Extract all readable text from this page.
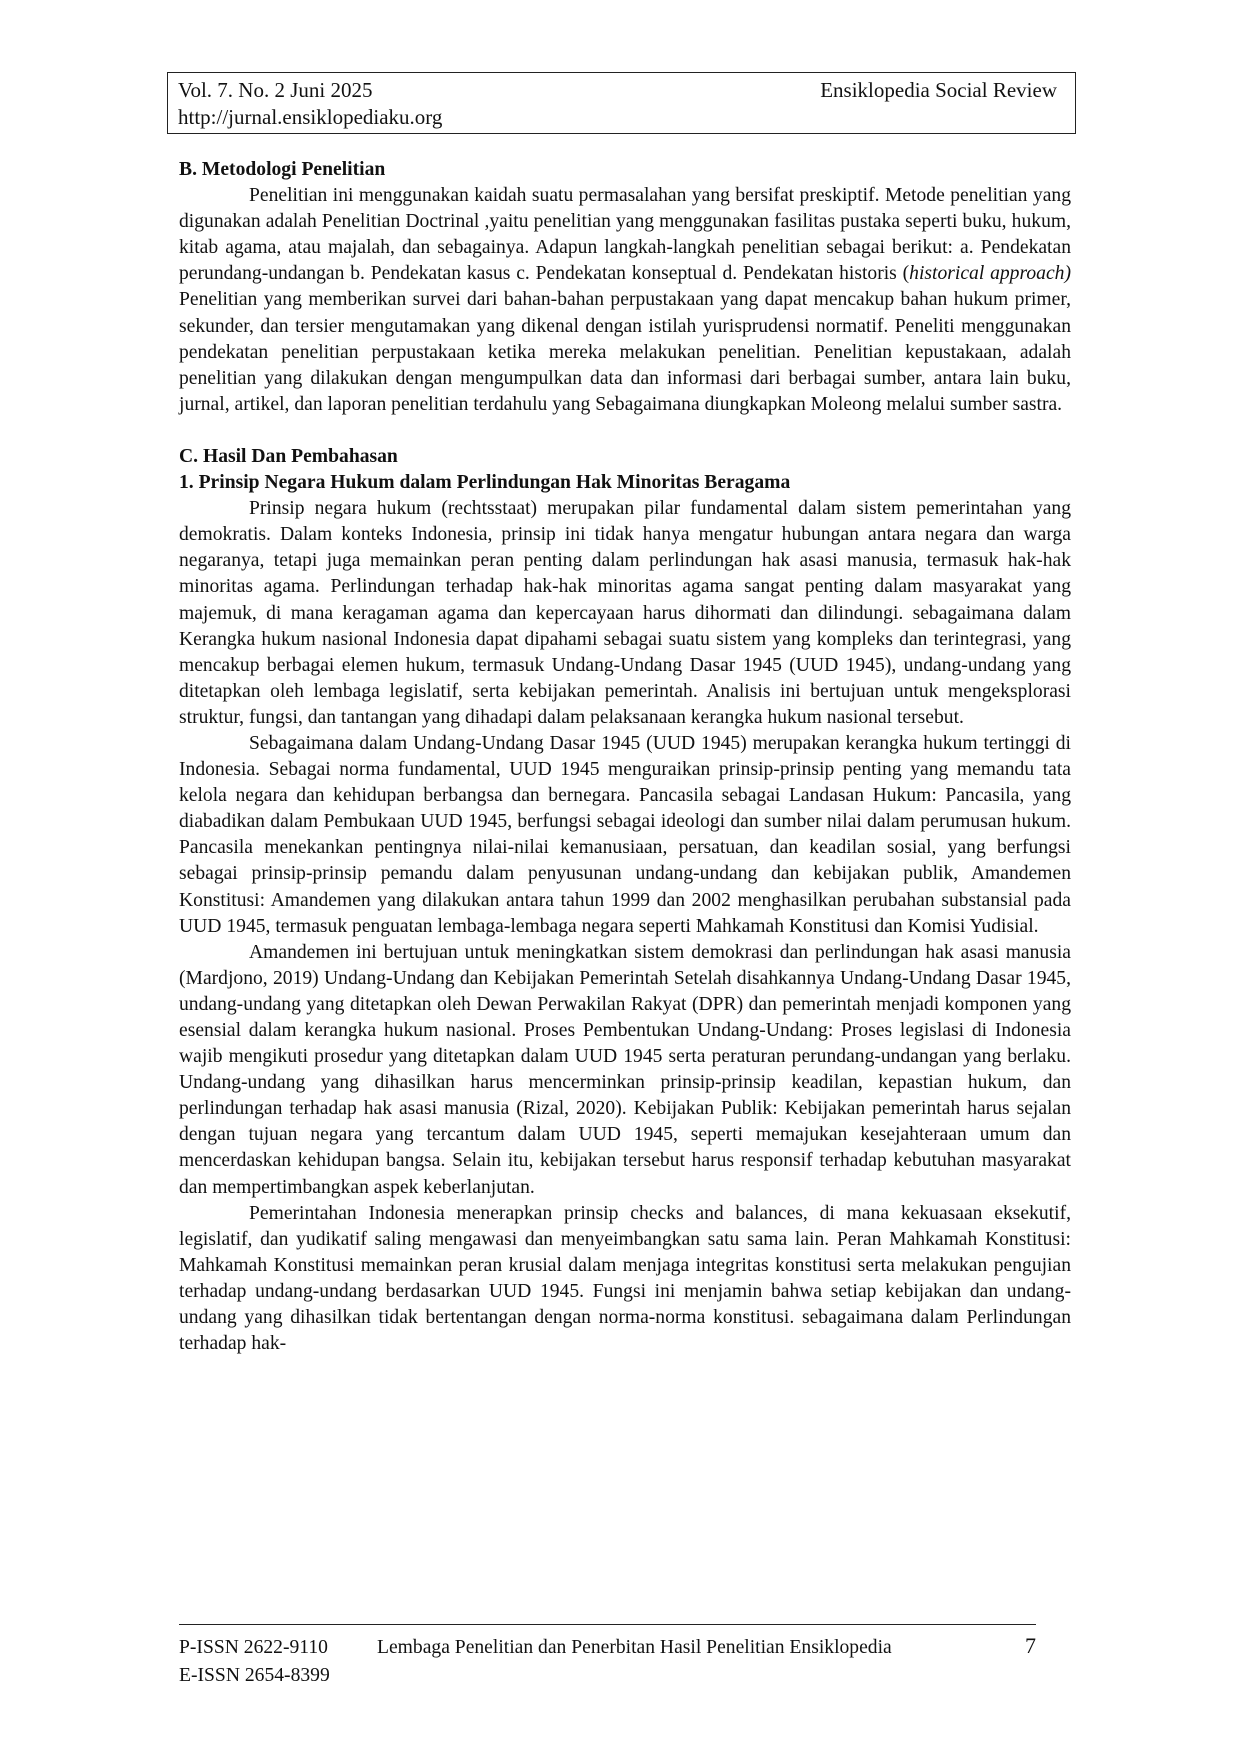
Vol. 7. No. 2 Juni 2025	Ensiklopedia Social Review
http://jurnal.ensiklopediaku.org
B. Metodologi Penelitian

Penelitian ini menggunakan kaidah suatu permasalahan yang bersifat preskiptif. Metode penelitian yang digunakan adalah Penelitian Doctrinal ,yaitu penelitian yang menggunakan fasilitas pustaka seperti buku, hukum, kitab agama, atau majalah, dan sebagainya. Adapun langkah-langkah penelitian sebagai berikut: a. Pendekatan perundang-undangan b. Pendekatan kasus c. Pendekatan konseptual d. Pendekatan historis (historical approach) Penelitian yang memberikan survei dari bahan-bahan perpustakaan yang dapat mencakup bahan hukum primer, sekunder, dan tersier mengutamakan yang dikenal dengan istilah yurisprudensi normatif. Peneliti menggunakan pendekatan penelitian perpustakaan ketika mereka melakukan penelitian. Penelitian kepustakaan, adalah penelitian yang dilakukan dengan mengumpulkan data dan informasi dari berbagai sumber, antara lain buku, jurnal, artikel, dan laporan penelitian terdahulu yang Sebagaimana diungkapkan Moleong melalui sumber sastra.

C. Hasil Dan Pembahasan
1. Prinsip Negara Hukum dalam Perlindungan Hak Minoritas Beragama

Prinsip negara hukum (rechtsstaat) merupakan pilar fundamental dalam sistem pemerintahan yang demokratis. Dalam konteks Indonesia, prinsip ini tidak hanya mengatur hubungan antara negara dan warga negaranya, tetapi juga memainkan peran penting dalam perlindungan hak asasi manusia, termasuk hak-hak minoritas agama. Perlindungan terhadap hak-hak minoritas agama sangat penting dalam masyarakat yang majemuk, di mana keragaman agama dan kepercayaan harus dihormati dan dilindungi. sebagaimana dalam Kerangka hukum nasional Indonesia dapat dipahami sebagai suatu sistem yang kompleks dan terintegrasi, yang mencakup berbagai elemen hukum, termasuk Undang-Undang Dasar 1945 (UUD 1945), undang-undang yang ditetapkan oleh lembaga legislatif, serta kebijakan pemerintah. Analisis ini bertujuan untuk mengeksplorasi struktur, fungsi, dan tantangan yang dihadapi dalam pelaksanaan kerangka hukum nasional tersebut.

Sebagaimana dalam Undang-Undang Dasar 1945 (UUD 1945) merupakan kerangka hukum tertinggi di Indonesia. Sebagai norma fundamental, UUD 1945 menguraikan prinsip-prinsip penting yang memandu tata kelola negara dan kehidupan berbangsa dan bernegara. Pancasila sebagai Landasan Hukum: Pancasila, yang diabadikan dalam Pembukaan UUD 1945, berfungsi sebagai ideologi dan sumber nilai dalam perumusan hukum. Pancasila menekankan pentingnya nilai-nilai kemanusiaan, persatuan, dan keadilan sosial, yang berfungsi sebagai prinsip-prinsip pemandu dalam penyusunan undang-undang dan kebijakan publik, Amandemen Konstitusi: Amandemen yang dilakukan antara tahun 1999 dan 2002 menghasilkan perubahan substansial pada UUD 1945, termasuk penguatan lembaga-lembaga negara seperti Mahkamah Konstitusi dan Komisi Yudisial.

Amandemen ini bertujuan untuk meningkatkan sistem demokrasi dan perlindungan hak asasi manusia (Mardjono, 2019) Undang-Undang dan Kebijakan Pemerintah Setelah disahkannya Undang-Undang Dasar 1945, undang-undang yang ditetapkan oleh Dewan Perwakilan Rakyat (DPR) dan pemerintah menjadi komponen yang esensial dalam kerangka hukum nasional. Proses Pembentukan Undang-Undang: Proses legislasi di Indonesia wajib mengikuti prosedur yang ditetapkan dalam UUD 1945 serta peraturan perundang-undangan yang berlaku. Undang-undang yang dihasilkan harus mencerminkan prinsip-prinsip keadilan, kepastian hukum, dan perlindungan terhadap hak asasi manusia (Rizal, 2020). Kebijakan Publik: Kebijakan pemerintah harus sejalan dengan tujuan negara yang tercantum dalam UUD 1945, seperti memajukan kesejahteraan umum dan mencerdaskan kehidupan bangsa. Selain itu, kebijakan tersebut harus responsif terhadap kebutuhan masyarakat dan mempertimbangkan aspek keberlanjutan.

Pemerintahan Indonesia menerapkan prinsip checks and balances, di mana kekuasaan eksekutif, legislatif, dan yudikatif saling mengawasi dan menyeimbangkan satu sama lain. Peran Mahkamah Konstitusi: Mahkamah Konstitusi memainkan peran krusial dalam menjaga integritas konstitusi serta melakukan pengujian terhadap undang-undang berdasarkan UUD 1945. Fungsi ini menjamin bahwa setiap kebijakan dan undang-undang yang dihasilkan tidak bertentangan dengan norma-norma konstitusi. sebagaimana dalam Perlindungan terhadap hak-

P-ISSN 2622-9110	Lembaga Penelitian dan Penerbitan Hasil Penelitian Ensiklopedia	7
E-ISSN 2654-8399
